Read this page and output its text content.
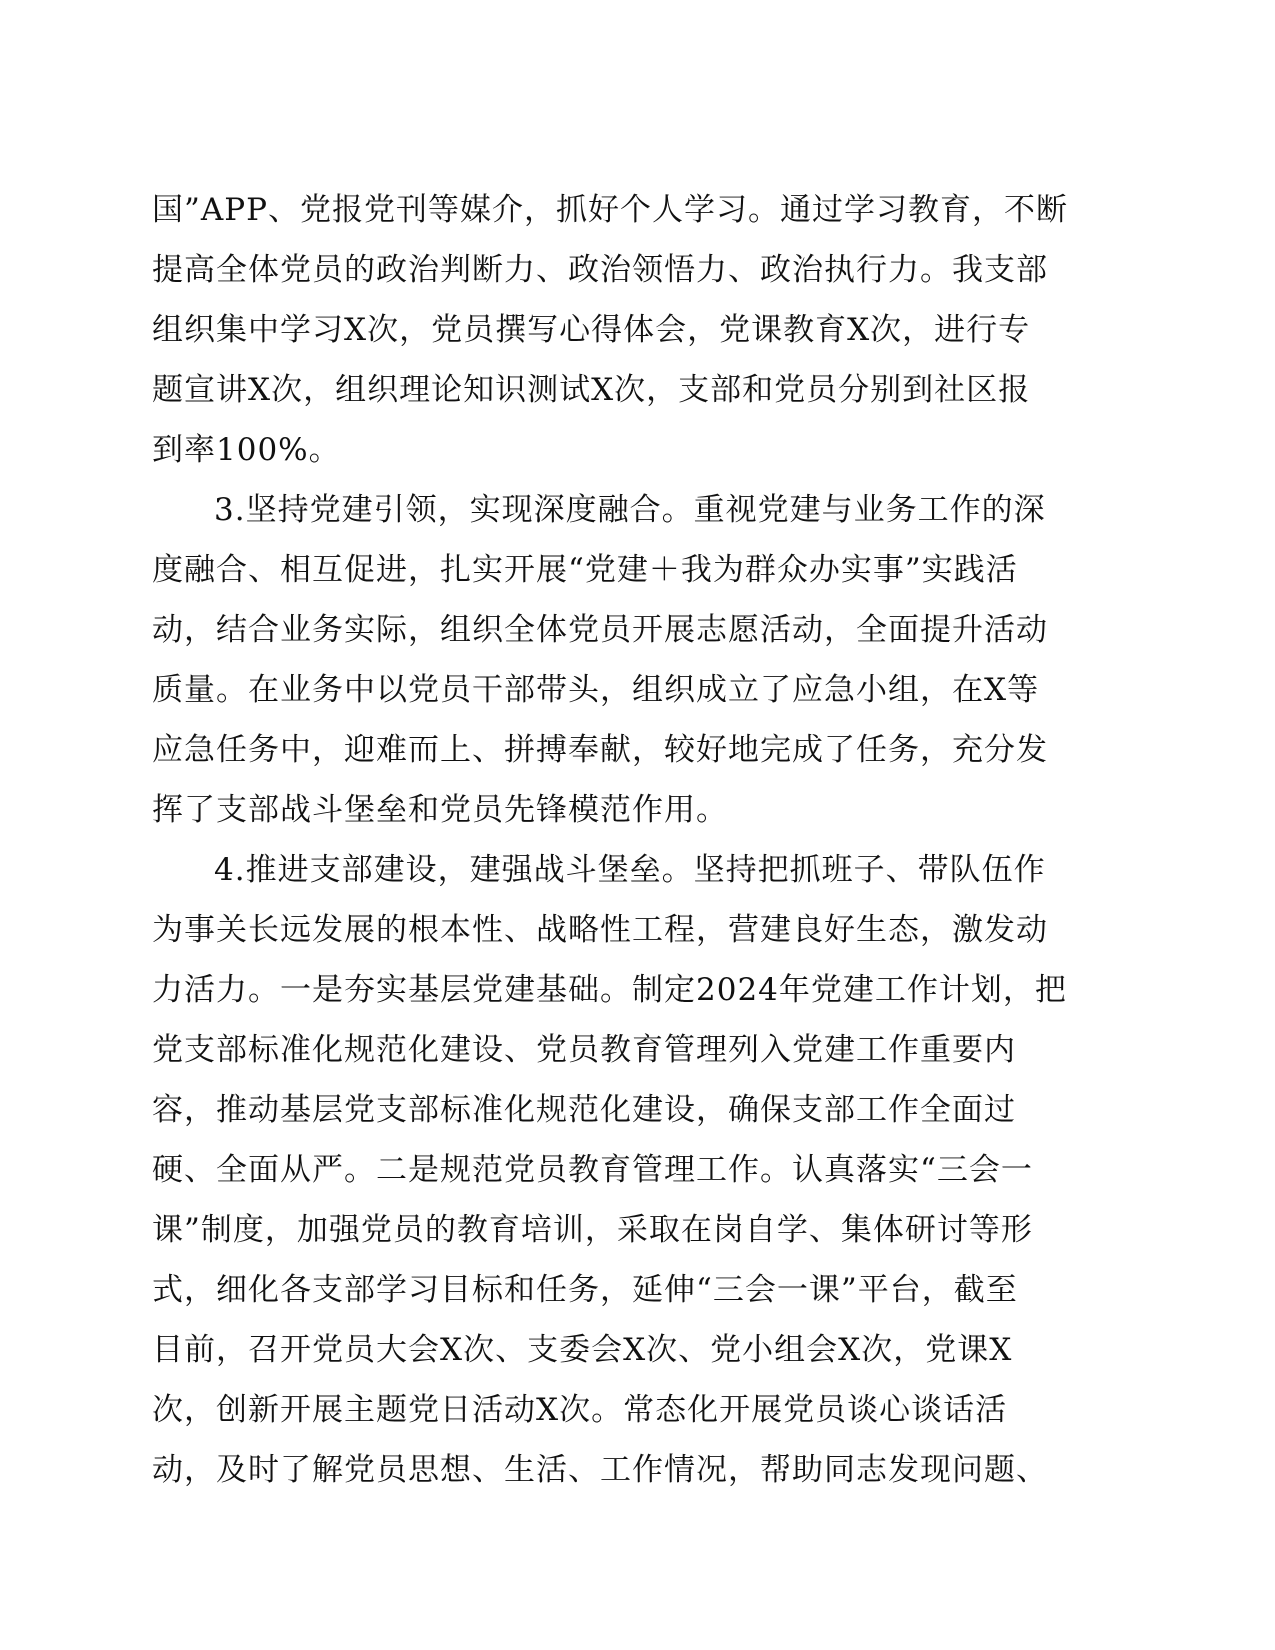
国”APP、党报党刊等媒介，抓好个人学习。通过学习教育，不断
提高全体党员的政治判断力、政治领悟力、政治执行力。我支部
组织集中学习X次，党员撰写心得体会，党课教育X次，进行专
题宣讲X次，组织理论知识测试X次，支部和党员分别到社区报
到率100%。
3.坚持党建引领，实现深度融合。重视党建与业务工作的深
度融合、相互促进，扎实开展“党建＋我为群众办实事”实践活
动，结合业务实际，组织全体党员开展志愿活动，全面提升活动
质量。在业务中以党员干部带头，组织成立了应急小组，在X等
应急任务中，迎难而上、拼搏奉献，较好地完成了任务，充分发
挥了支部战斗堡垒和党员先锋模范作用。
4.推进支部建设，建强战斗堡垒。坚持把抓班子、带队伍作
为事关长远发展的根本性、战略性工程，营建良好生态，激发动
力活力。一是夯实基层党建基础。制定2024年党建工作计划，把
党支部标准化规范化建设、党员教育管理列入党建工作重要内
容，推动基层党支部标准化规范化建设，确保支部工作全面过
硬、全面从严。二是规范党员教育管理工作。认真落实“三会一
课”制度，加强党员的教育培训，采取在岗自学、集体研讨等形
式，细化各支部学习目标和任务，延伸“三会一课”平台，截至
目前，召开党员大会X次、支委会X次、党小组会X次，党课X
次，创新开展主题党日活动X次。常态化开展党员谈心谈话活
动，及时了解党员思想、生活、工作情况，帮助同志发现问题、
